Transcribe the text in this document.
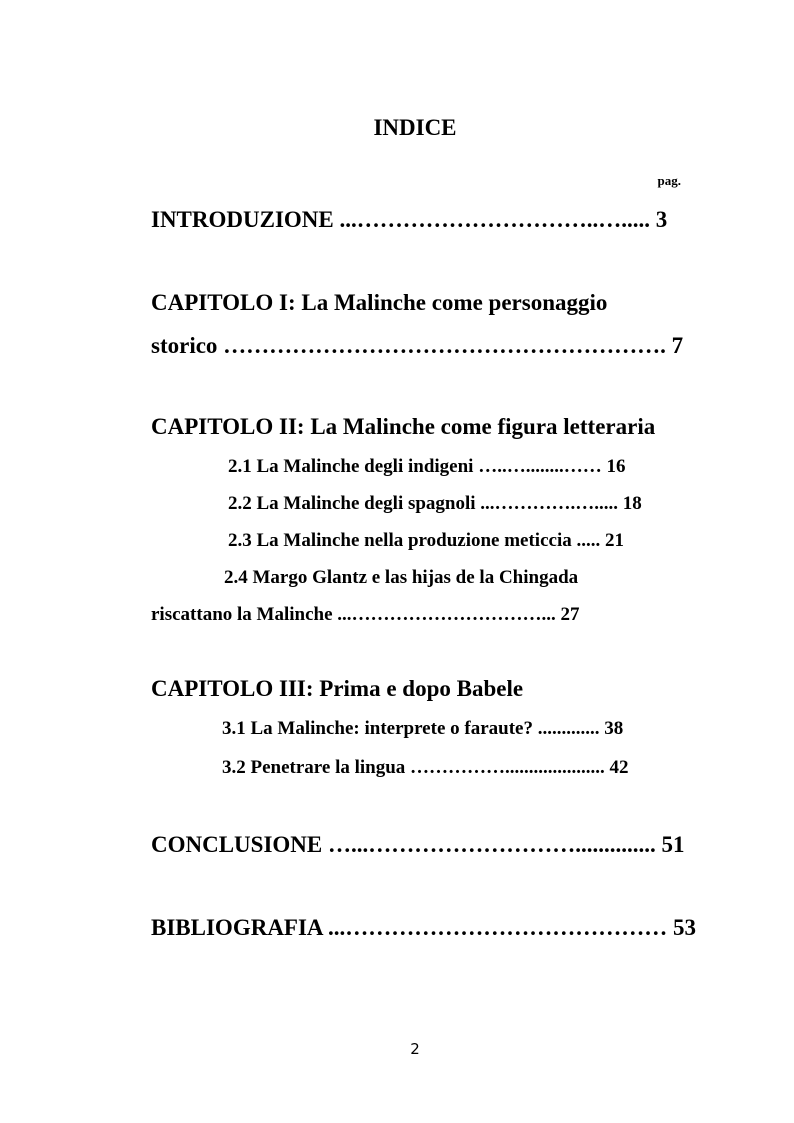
INDICE
pag.
INTRODUZIONE ...…………………………..…..... 3
CAPITOLO I: La Malinche come personaggio
storico …………………………………………………. 7
CAPITOLO II: La Malinche come figura letteraria
2.1 La Malinche degli indigeni …..…........…… 16
2.2 La Malinche degli spagnoli ...………….…..... 18
2.3 La Malinche nella produzione meticcia ..... 21
2.4 Margo Glantz e las hijas de la Chingada
riscattano la Malinche ...…………………………... 27
CAPITOLO III: Prima e dopo Babele
3.1 La Malinche: interprete o faraute? ............. 38
3.2 Penetrare la lingua ……………..................... 42
CONCLUSIONE …...……………………….............. 51
BIBLIOGRAFIA ...…………………………………… 53
2
